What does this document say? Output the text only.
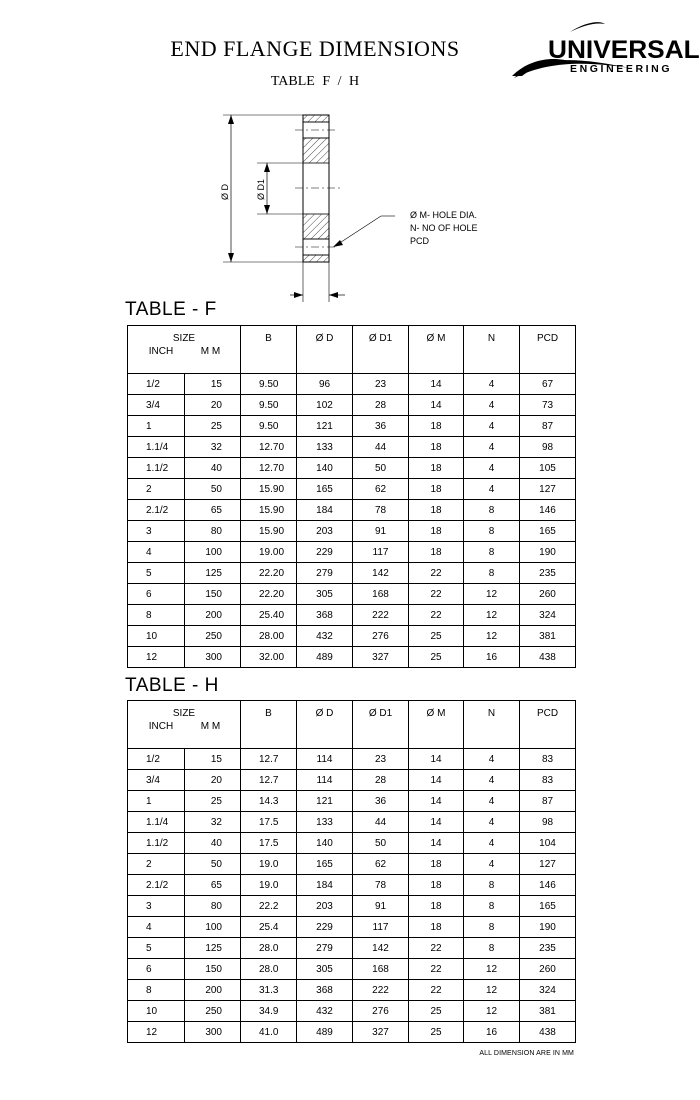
END FLANGE DIMENSIONS
TABLE F / H
UNIVERSAL
ENGINEERING
Ø D	Ø D1
Ø M- HOLE DIA.
N- NO OF HOLE
PCD
TABLE - F
SIZE
INCH M M		B	Ø D	Ø D1	Ø M	N	PCD
1/2	15	9.50	96	23	14	4	67
3/4	20	9.50	102	28	14	4	73
1	25	9.50	121	36	18	4	87
1.1/4	32	12.70	133	44	18	4	98
1.1/2	40	12.70	140	50	18	4	105
2	50	15.90	165	62	18	4	127
2.1/2	65	15.90	184	78	18	8	146
3	80	15.90	203	91	18	8	165
4	100	19.00	229	117	18	8	190
5	125	22.20	279	142	22	8	235
6	150	22.20	305	168	22	12	260
8	200	25.40	368	222	22	12	324
10	250	28.00	432	276	25	12	381
12	300	32.00	489	327	25	16	438
TABLE - H
SIZE
INCH M M		B	Ø D	Ø D1	Ø M	N	PCD
1/2	15	12.7	114	23	14	4	83
3/4	20	12.7	114	28	14	4	83
1	25	14.3	121	36	14	4	87
1.1/4	32	17.5	133	44	14	4	98
1.1/2	40	17.5	140	50	14	4	104
2	50	19.0	165	62	18	4	127
2.1/2	65	19.0	184	78	18	8	146
3	80	22.2	203	91	18	8	165
4	100	25.4	229	117	18	8	190
5	125	28.0	279	142	22	8	235
6	150	28.0	305	168	22	12	260
8	200	31.3	368	222	22	12	324
10	250	34.9	432	276	25	12	381
12	300	41.0	489	327	25	16	438
ALL DIMENSION ARE IN MM
